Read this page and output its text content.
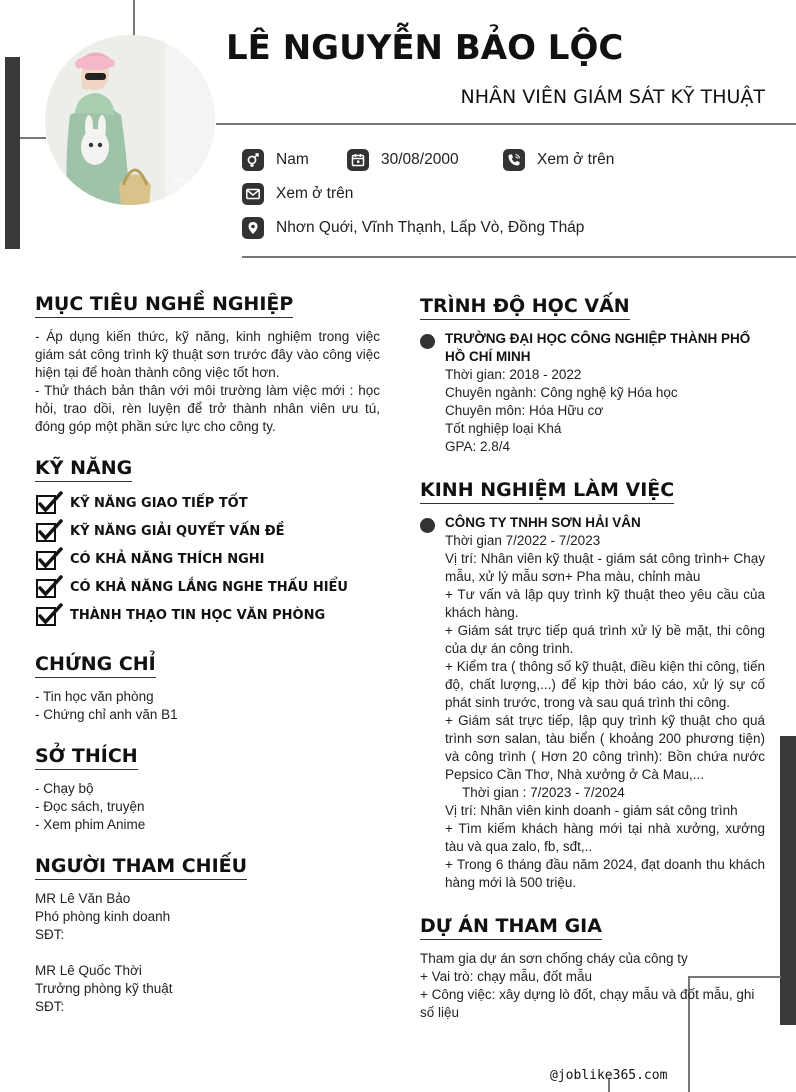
chu
LÊ NGUYỄN BẢO LỘC
NHÂN VIÊN GIÁM SÁT KỸ THUẬT
Nam	30/08/2000	Xem ở trên
Xem ở trên
Nhơn Quới, Vĩnh Thạnh, Lấp Vò, Đồng Tháp
MỤC TIÊU NGHỀ NGHIỆP
- Áp dụng kiến thức, kỹ năng, kinh nghiệm trong việc giám sát công trình kỹ thuật sơn trước đây vào công việc hiện tại để hoàn thành công việc tốt hơn.
- Thử thách bản thân với môi trường làm việc mới : học hỏi, trao dồi, rèn luyện để trở thành nhân viên ưu tú, đóng góp một phần sức lực cho công ty.
KỸ NĂNG
KỸ NĂNG GIAO TIẾP TỐT
KỸ NĂNG GIẢI QUYẾT VẤN ĐỀ
CÓ KHẢ NĂNG THÍCH NGHI
CÓ KHẢ NĂNG LẮNG NGHE THẤU HIỂU
THÀNH THẠO TIN HỌC VĂN PHÒNG
CHỨNG CHỈ
- Tin học văn phòng
- Chứng chỉ anh văn B1
SỞ THÍCH
- Chạy bộ
- Đọc sách, truyện
- Xem phim Anime
NGƯỜI THAM CHIẾU
MR Lê Văn Bảo
Phó phòng kinh doanh
SĐT:
MR Lê Quốc Thời
Trưởng phòng kỹ thuật
SĐT:
TRÌNH ĐỘ HỌC VẤN
TRƯỜNG ĐẠI HỌC CÔNG NGHIỆP THÀNH PHỐ HỒ CHÍ MINH
Thời gian: 2018 - 2022
Chuyên ngành: Công nghệ kỹ Hóa học
Chuyên môn: Hóa Hữu cơ
Tốt nghiệp loại Khá
GPA: 2.8/4
KINH NGHIỆM LÀM VIỆC
CÔNG TY TNHH SƠN HẢI VÂN
Thời gian 7/2022 - 7/2023
Vị trí: Nhân viên kỹ thuật - giám sát công trình+ Chạy mẫu, xử lý mẫu sơn+ Pha màu, chỉnh màu
+ Tư vấn và lập quy trình kỹ thuật theo yêu cầu của khách hàng.
+ Giám sát trực tiếp quá trình xử lý bề mặt, thi công của dự án công trình.
+ Kiểm tra ( thông số kỹ thuật, điều kiện thi công, tiến độ, chất lượng,...) để kịp thời báo cáo, xử lý sự cố phát sinh trước, trong và sau quá trình thi công.
+ Giám sát trực tiếp, lập quy trình kỹ thuật cho quá trình sơn salan, tàu biển ( khoảng 200 phương tiện) và công trình ( Hơn 20 công trình): Bồn chứa nước Pepsico Cần Thơ, Nhà xưởng ở Cà Mau,...
Thời gian : 7/2023 - 7/2024
Vị trí: Nhân viên kinh doanh - giám sát công trình
+ Tìm kiếm khách hàng mới tại nhà xưởng, xưởng tàu và qua zalo, fb, sđt,..
+ Trong 6 tháng đầu năm 2024, đạt doanh thu khách hàng mới là 500 triệu.
DỰ ÁN THAM GIA
Tham gia dự án sơn chống cháy của công ty
+ Vai trò: chạy mẫu, đốt mẫu
+ Công việc: xây dựng lò đốt, chạy mẫu và đốt mẫu, ghi số liệu
@joblike365.com
